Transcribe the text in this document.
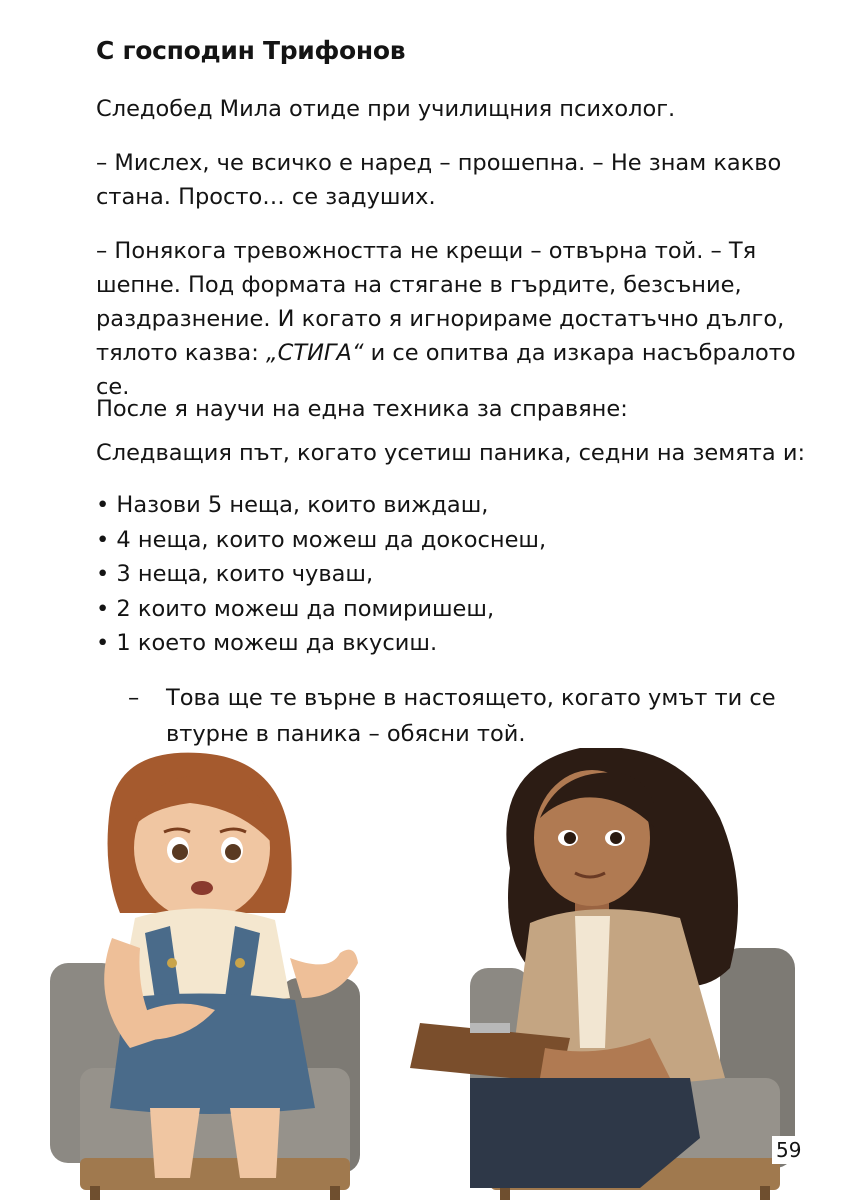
С господин Трифонов

Следобед Мила отиде при училищния психолог.

– Мислех, че всичко е наред – прошепна. – Не знам какво стана. Просто… се задуших.

– Понякога тревожността не крещи – отвърна той. – Тя шепне. Под формата на стягане в гърдите, безсъние, раздразнение. И когато я игнорираме достатъчно дълго, тялото казва: „СТИГА“ и се опитва да изкара насъбралото се.

После я научи на една техника за справяне:

Следващия път, когато усетиш паника, седни на земята и:

• Назови 5 неща, които виждаш,
• 4 неща, които можеш да докоснеш,
• 3 неща, които чуваш,
• 2 които можеш да помиришеш,
• 1 което можеш да вкусиш.
– Това ще те върне в настоящето, когато умът ти се втурне в паника – обясни той.

59
